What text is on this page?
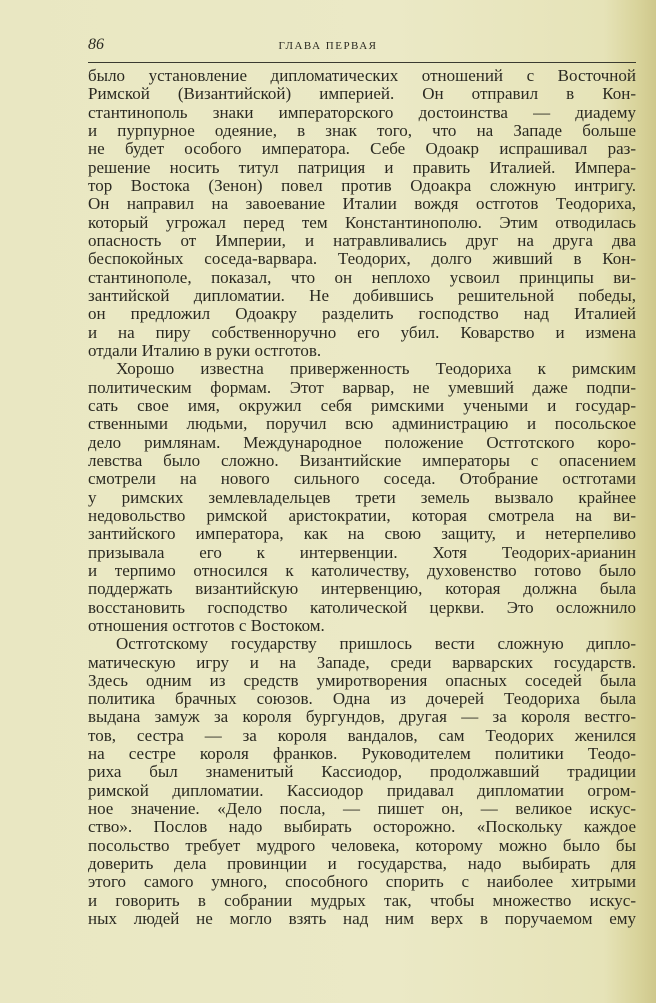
86	ГЛАВА ПЕРВАЯ
было установление дипломатических отношений с Восточной
Римской (Византийской) империей. Он отправил в Кон-
стантинополь знаки императорского достоинства — диадему
и пурпурное одеяние, в знак того, что на Западе больше
не будет особого императора. Себе Одоакр испрашивал раз-
решение носить титул патриция и править Италией. Импера-
тор Востока (Зенон) повел против Одоакра сложную интригу.
Он направил на завоевание Италии вождя остготов Теодориха,
который угрожал перед тем Константинополю. Этим отводилась
опасность от Империи, и натравливались друг на друга два
беспокойных соседа-варвара. Теодорих, долго живший в Кон-
стантинополе, показал, что он неплохо усвоил принципы ви-
зантийской дипломатии. Не добившись решительной победы,
он предложил Одоакру разделить господство над Италией
и на пиру собственноручно его убил. Коварство и измена
отдали Италию в руки остготов.
Хорошо известна приверженность Теодориха к римским
политическим формам. Этот варвар, не умевший даже подпи-
сать свое имя, окружил себя римскими учеными и государ-
ственными людьми, поручил всю администрацию и посольское
дело римлянам. Международное положение Остготского коро-
левства было сложно. Византийские императоры с опасением
смотрели на нового сильного соседа. Отобрание остготами
у римских землевладельцев трети земель вызвало крайнее
недовольство римской аристократии, которая смотрела на ви-
зантийского императора, как на свою защиту, и нетерпеливо
призывала его к интервенции. Хотя Теодорих-арианин
и терпимо относился к католичеству, духовенство готово было
поддержать византийскую интервенцию, которая должна была
восстановить господство католической церкви. Это осложнило
отношения остготов с Востоком.
Остготскому государству пришлось вести сложную дипло-
матическую игру и на Западе, среди варварских государств.
Здесь одним из средств умиротворения опасных соседей была
политика брачных союзов. Одна из дочерей Теодориха была
выдана замуж за короля бургундов, другая — за короля вестго-
тов, сестра — за короля вандалов, сам Теодорих женился
на сестре короля франков. Руководителем политики Теодо-
риха был знаменитый Кассиодор, продолжавший традиции
римской дипломатии. Кассиодор придавал дипломатии огром-
ное значение. «Дело посла, — пишет он, — великое искус-
ство». Послов надо выбирать осторожно. «Поскольку каждое
посольство требует мудрого человека, которому можно было бы
доверить дела провинции и государства, надо выбирать для
этого самого умного, способного спорить с наиболее хитрыми
и говорить в собрании мудрых так, чтобы множество искус-
ных людей не могло взять над ним верх в поручаемом ему
